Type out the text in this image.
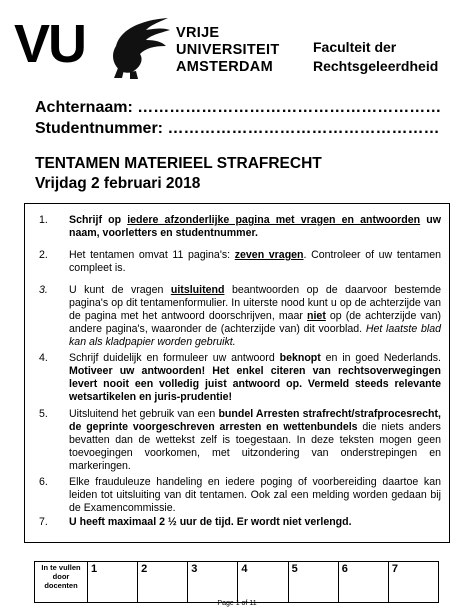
VU	VRIJE
UNIVERSITEIT
AMSTERDAM
Faculteit der
Rechtsgeleerdheid
Achternaam: …………………………………………………
Studentnummer: ……………………………………………
TENTAMEN MATERIEEL STRAFRECHT
Vrijdag 2 februari 2018
1.	Schrijf op iedere afzonderlijke pagina met vragen en antwoorden uw naam, voorletters en studentnummer.
2.	Het tentamen omvat 11 pagina's: zeven vragen. Controleer of uw tentamen compleet is.
3.	U kunt de vragen uitsluitend beantwoorden op de daarvoor bestemde pagina's op dit tentamenformulier. In uiterste nood kunt u op de achterzijde van de pagina met het antwoord doorschrijven, maar niet op (de achterzijde van) andere pagina's, waaronder de (achterzijde van) dit voorblad. Het laatste blad kan als kladpapier worden gebruikt.
4.	Schrijf duidelijk en formuleer uw antwoord beknopt en in goed Nederlands. Motiveer uw antwoorden! Het enkel citeren van rechtsoverwegingen levert nooit een volledig juist antwoord op. Vermeld steeds relevante wetsartikelen en juris-prudentie!
5.	Uitsluitend het gebruik van een bundel Arresten strafrecht/strafprocesrecht, de geprinte voorgeschreven arresten en wettenbundels die niets anders bevatten dan de wettekst zelf is toegestaan. In deze teksten mogen geen toevoegingen voorkomen, met uitzondering van onderstrepingen en markeringen.
6.	Elke frauduleuze handeling en iedere poging of voorbereiding daartoe kan leiden tot uitsluiting van dit tentamen. Ook zal een melding worden gedaan bij de Examencommissie.
7.	U heeft maximaal 2 ½ uur de tijd. Er wordt niet verlengd.
In te vullen door docenten	1	2	3	4	5	6	7
Page 1 of 11
